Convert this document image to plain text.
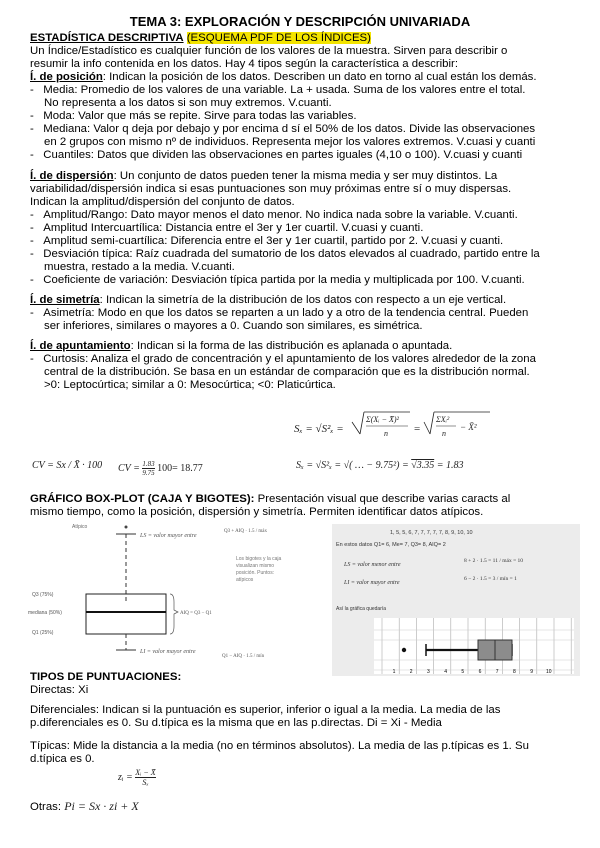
TEMA 3: EXPLORACIÓN Y DESCRIPCIÓN UNIVARIADA
ESTADÍSTICA DESCRIPTIVA (ESQUEMA PDF DE LOS ÍNDICES)
Un Índice/Estadístico es cualquier función de los valores de la muestra. Sirven para describir o
resumir la info contenida en los datos. Hay 4 tipos según la característica a describir:
Í. de posición: Indican la posición de los datos. Describen un dato en torno al cual están los demás.
-   Media: Promedio de los valores de una variable. La + usada. Suma de los valores entre el total.
No representa a los datos si son muy extremos. V.cuanti.
-   Moda: Valor que más se repite. Sirve para todas las variables.
-   Mediana: Valor q deja por debajo y por encima d sí el 50% de los datos. Divide las observaciones
en 2 grupos con mismo nº de individuos. Representa mejor los valores extremos. V.cuasi y cuanti
-   Cuantiles: Datos que dividen las observaciones en partes iguales (4,10 o 100). V.cuasi y cuanti
Í. de dispersión: Un conjunto de datos pueden tener la misma media y ser muy distintos. La
variabilidad/dispersión indica si esas puntuaciones son muy próximas entre sí o muy dispersas.
Indican la amplitud/dispersión del conjunto de datos.
-   Amplitud/Rango: Dato mayor menos el dato menor. No indica nada sobre la variable. V.cuanti.
-   Amplitud Intercuartílica: Distancia entre el 3er y 1er cuartil. V.cuasi y cuanti.
-   Amplitud semi-cuartílica: Diferencia entre el 3er y 1er cuartil, partido por 2. V.cuasi y cuanti.
-   Desviación típica: Raíz cuadrada del sumatorio de los datos elevados al cuadrado, partido entre la
muestra, restado a la media. V.cuanti.
-   Coeficiente de variación: Desviación típica partida por la media y multiplicada por 100. V.cuanti.
Í. de simetría: Indican la simetría de la distribución de los datos con respecto a un eje vertical.
-   Asimetría: Modo en que los datos se reparten a un lado y a otro de la tendencia central. Pueden
ser inferiores, similares o mayores a 0. Cuando son similares, es simétrica.
Í. de apuntamiento: Indican si la forma de las distribución es aplanada o apuntada.
-   Curtosis: Analiza el grado de concentración y el apuntamiento de los valores alrededor de la zona
central de la distribución. Se basa en un estándar de comparación que es la distribución normal.
>0: Leptocúrtica; similar a 0: Mesocúrtica; <0: Platicúrtica.
Sₓ = √S²ₓ =
Σ(Xᵢ − X̄)²
n =
ΣXᵢ²
n
− X̄²
CV = Sx / X̄ · 100 CV = $\frac{1.83}{9.75} 100= 18.77$	Sₓ = √S²ₓ = √( … − 9.75²) = √3.35 = 1.83
GRÁFICO BOX-PLOT (CAJA Y BIGOTES): Presentación visual que describe varias caracts al
mismo tiempo, como la posición, dispersión y simetría. Permiten identificar datos atípicos.
Atípico
LS = valor mayor entre
Q3 + AIQ · 1.5 / máx
Q3 (75%)
mediana (50%)
Q1 (25%)
AIQ = Q3 − Q1
LI = valor mayor entre
Q1 − AIQ · 1.5 / mín
Los bigotes y la caja visualizan mismo posición. Puntos: atípicos
1, 5, 5, 6, 7, 7, 7, 7, 7, 8, 9, 10, 10
En estos datos Q1= 6, Me= 7, Q3= 8, AIQ= 2
LS = valor menor entre
8 + 2 · 1.5 = 11 / máx = 10
LI = valor mayor entre
6 − 2 · 1.5 = 3 / mín = 1
Así la gráfica quedaría
1	2	3	4	5	6	7	8	9	10
TIPOS DE PUNTUACIONES:
Directas: Xi
Diferenciales: Indican si la puntuación es superior, inferior o igual a la media. La media de las
p.diferenciales es 0. Su d.típica es la misma que en las p.directas. Di = Xi - Media
Típicas: Mide la distancia a la media (no en términos absolutos). La media de las p.típicas es 1. Su
d.típica es 0.
zᵢ = $\frac{\text{Xᵢ − X̄}}{\text{Sₓ}}$
Otras: Pi = Sx · zi + X
